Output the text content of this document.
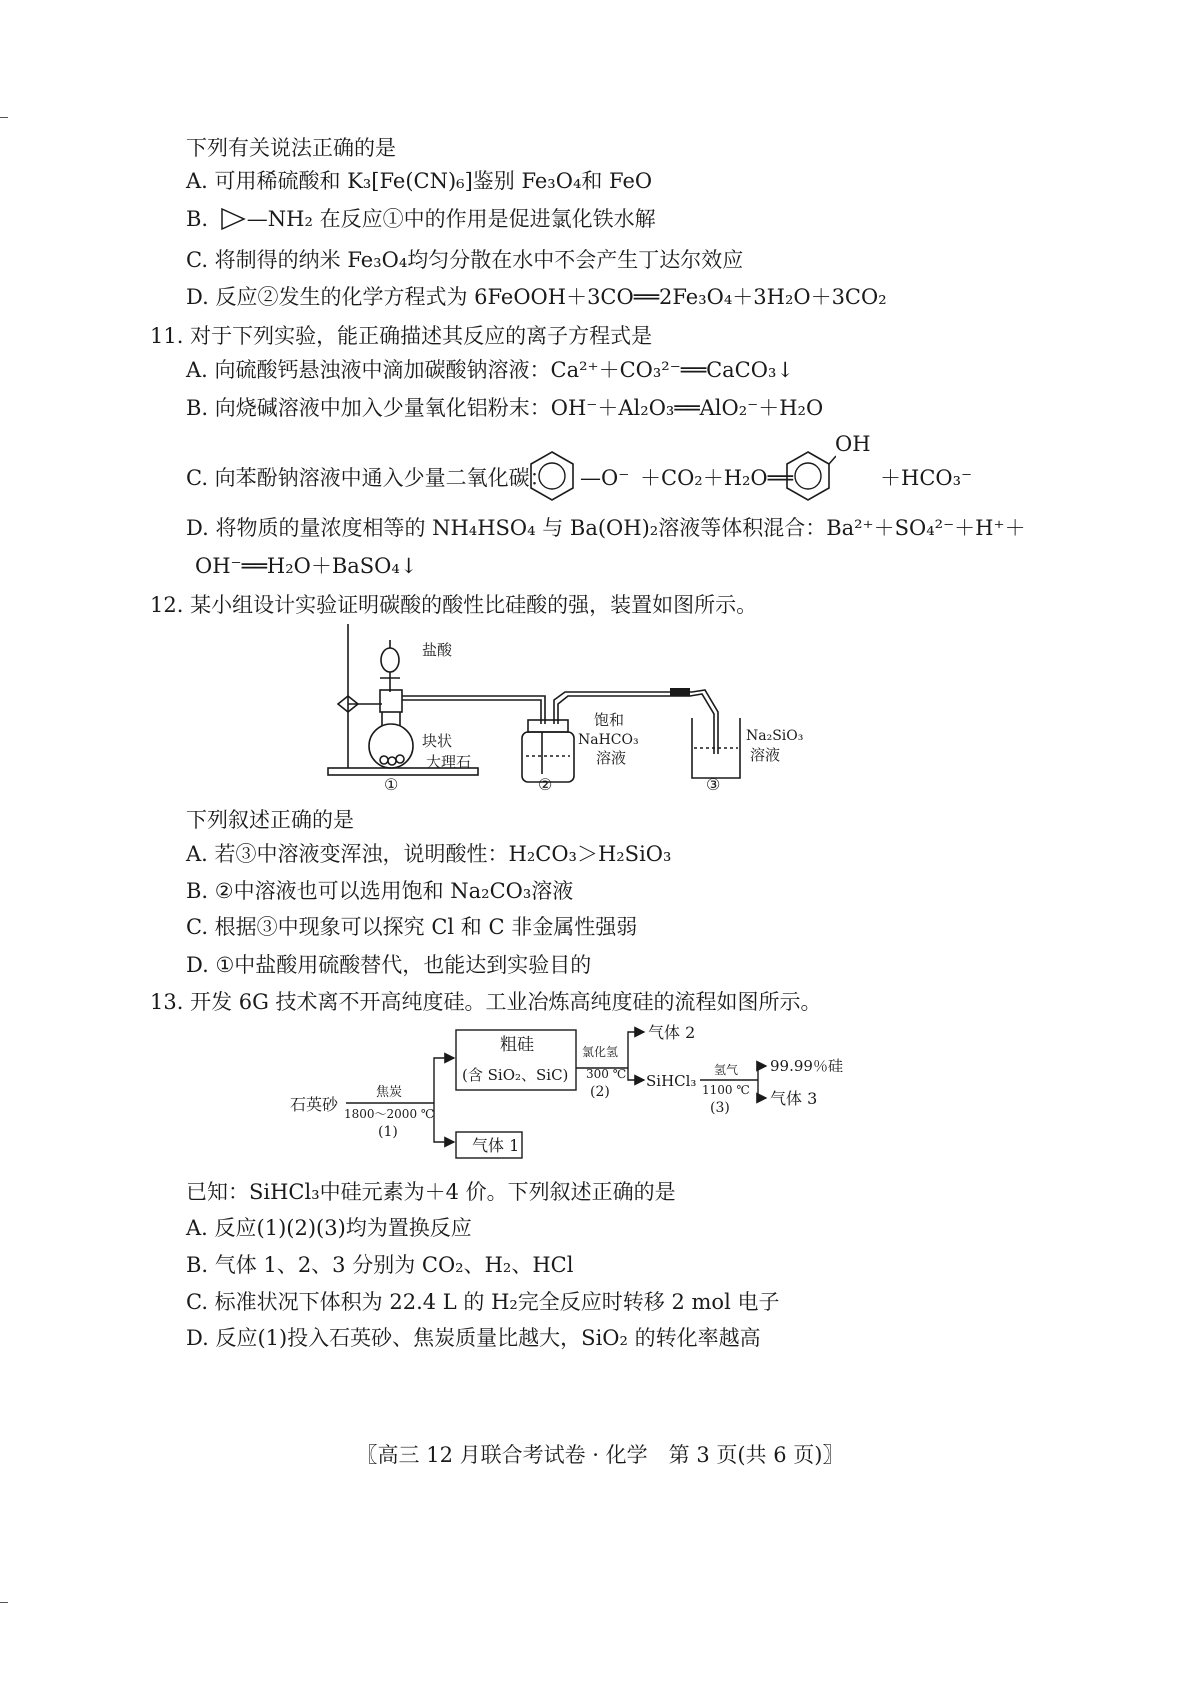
下列有关说法正确的是
A. 可用稀硫酸和 K₃[Fe(CN)₆]鉴别 Fe₃O₄和 FeO
B. —NH₂ 在反应①中的作用是促进氯化铁水解
C. 将制得的纳米 Fe₃O₄均匀分散在水中不会产生丁达尔效应
D. 反应②发生的化学方程式为 6FeOOH＋3CO══2Fe₃O₄＋3H₂O＋3CO₂
11. 对于下列实验，能正确描述其反应的离子方程式是
A. 向硫酸钙悬浊液中滴加碳酸钠溶液：Ca²⁺＋CO₃²⁻══CaCO₃↓
B. 向烧碱溶液中加入少量氧化铝粉末：OH⁻＋Al₂O₃══AlO₂⁻＋H₂O
C. 向苯酚钠溶液中通入少量二氧化碳： —O⁻ ＋CO₂＋H₂O══
OH
＋HCO₃⁻
D. 将物质的量浓度相等的 NH₄HSO₄ 与 Ba(OH)₂溶液等体积混合：Ba²⁺＋SO₄²⁻＋H⁺＋
OH⁻══H₂O＋BaSO₄↓
12. 某小组设计实验证明碳酸的酸性比硅酸的强，装置如图所示。
盐酸
块状
大理石
饱和
NaHCO₃
溶液
Na₂SiO₃
溶液
①	②	③
下列叙述正确的是
A. 若③中溶液变浑浊，说明酸性：H₂CO₃＞H₂SiO₃
B. ②中溶液也可以选用饱和 Na₂CO₃溶液
C. 根据③中现象可以探究 Cl 和 C 非金属性强弱
D. ①中盐酸用硫酸替代，也能达到实验目的
13. 开发 6G 技术离不开高纯度硅。工业冶炼高纯度硅的流程如图所示。
石英砂
焦炭
1800～2000 ℃
(1)
粗硅
(含 SiO₂、SiC)
气体 1
氯化氢
300 ℃
(2)
气体 2
SiHCl₃
氢气
1100 ℃
(3)
99.99％硅
气体 3
已知：SiHCl₃中硅元素为＋4 价。下列叙述正确的是
A. 反应(1)(2)(3)均为置换反应
B. 气体 1、2、3 分别为 CO₂、H₂、HCl
C. 标准状况下体积为 22.4 L 的 H₂完全反应时转移 2 mol 电子
D. 反应(1)投入石英砂、焦炭质量比越大，SiO₂ 的转化率越高
〖高三 12 月联合考试卷 · 化学　第 3 页(共 6 页)〗
